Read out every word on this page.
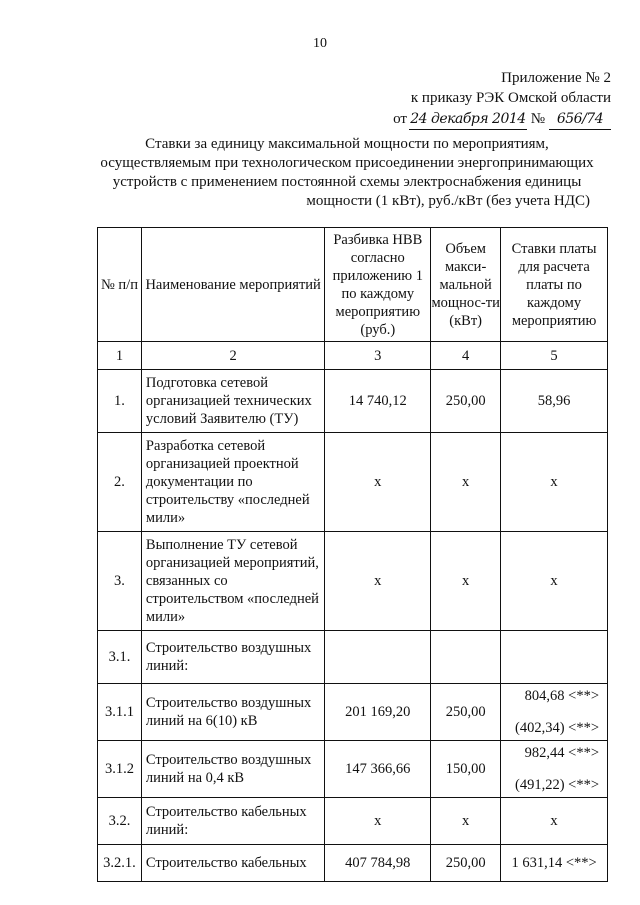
10
Приложение № 2
к приказу РЭК Омской области
от 24 декабря 2014 № 656/74
Ставки за единицу максимальной мощности по мероприятиям,
осуществляемым при технологическом присоединении энергопринимающих
устройств с применением постоянной схемы электроснабжения единицы
мощности (1 кВт), руб./кВт (без учета НДС)
№ п/п	Наименование мероприятий	Разбивка НВВ согласно приложению 1 по каждому мероприятию (руб.)	Объем макси-мальной мощнос-ти (кВт)	Ставки платы для расчета платы по каждому мероприятию
1	2	3	4	5
1.	Подготовка сетевой организацией технических условий Заявителю (ТУ)	14 740,12	250,00	58,96
2.	Разработка сетевой организацией проектной документации по строительству «последней мили»	x	x	x
3.	Выполнение ТУ сетевой организацией мероприятий, связанных со строительством «последней мили»	x	x	x
3.1.	Строительство воздушных линий:			
3.1.1	Строительство воздушных линий на 6(10) кВ	201 169,20	250,00	804,68 <**>
(402,34) <**>

3.1.2	Строительство воздушных линий на 0,4 кВ	147 366,66	150,00	982,44 <**>
(491,22) <**>

3.2.	Строительство кабельных линий:	x	x	x
3.2.1.	Строительство кабельных	407 784,98	250,00	1 631,14 <**>
